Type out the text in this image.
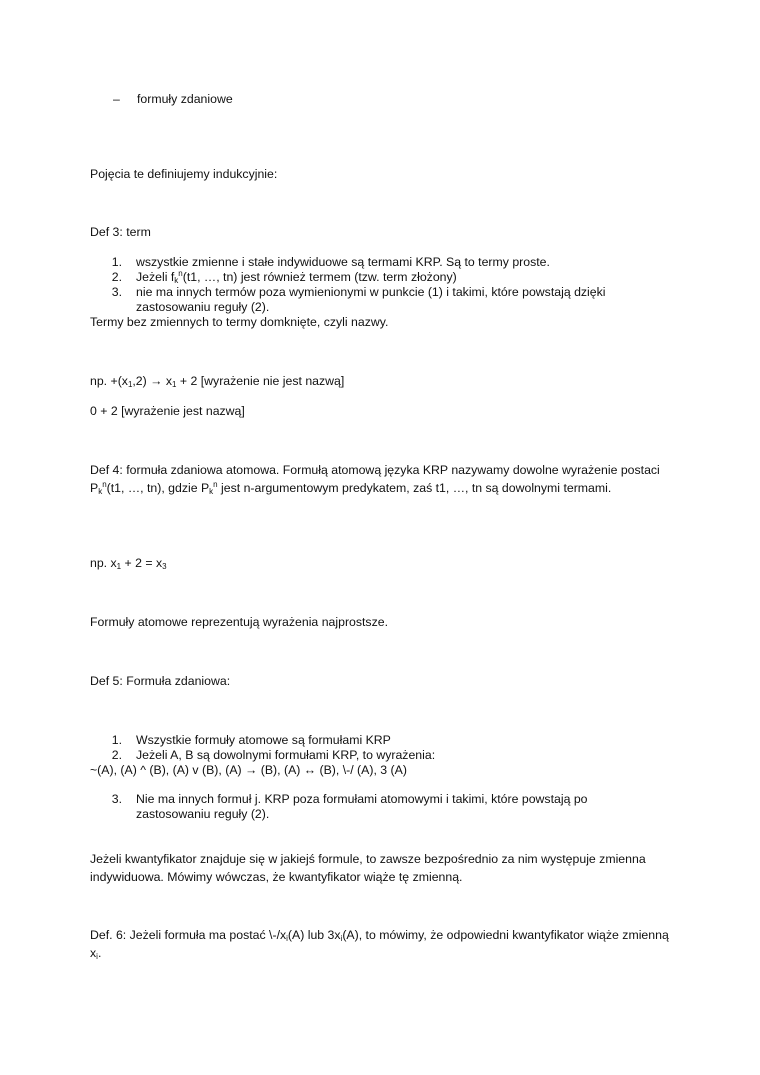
– formuły zdaniowe
Pojęcia te definiujemy indukcyjnie:
Def 3: term
1. wszystkie zmienne i stałe indywiduowe są termami KRP. Są to termy proste.
2. Jeżeli $f_k^n(t1$, …, tn) jest również termem (tzw. term złożony)
3. nie ma innych termów poza wymienionymi w punkcie (1) i takimi, które powstają dzięki
zastosowaniu reguły (2).
Termy bez zmiennych to termy domknięte, czyli nazwy.
np. $+(x_1,2) \to x_1 + 2$ [wyrażenie nie jest nazwą]
0 + 2 [wyrażenie jest nazwą]
Def 4: formuła zdaniowa atomowa. Formułą atomową języka KRP nazywamy dowolne wyrażenie postaci $P_k^n(t1$, …, tn), gdzie $P_k^n$ jest n-argumentowym predykatem, zaś t1, …, tn są dowolnymi termami.
np. $x_1 + 2 = x_3$
Formuły atomowe reprezentują wyrażenia najprostsze.
Def 5: Formuła zdaniowa:
1. Wszystkie formuły atomowe są formułami KRP
2. Jeżeli A, B są dowolnymi formułami KRP, to wyrażenia:
~(A), (A) ^ (B), (A) v (B), (A) → (B), (A) ↔ (B), \-/ (A), 3 (A)
3. Nie ma innych formuł j. KRP poza formułami atomowymi i takimi, które powstają po
zastosowaniu reguły (2).
Jeżeli kwantyfikator znajduje się w jakiejś formule, to zawsze bezpośrednio za nim występuje zmienna indywiduowa. Mówimy wówczas, że kwantyfikator wiąże tę zmienną.
Def. 6: Jeżeli formuła ma postać $\backslash-/x_i(A)$ lub $3x_i(A)$, to mówimy, że odpowiedni kwantyfikator wiąże zmienną $x_i$.
